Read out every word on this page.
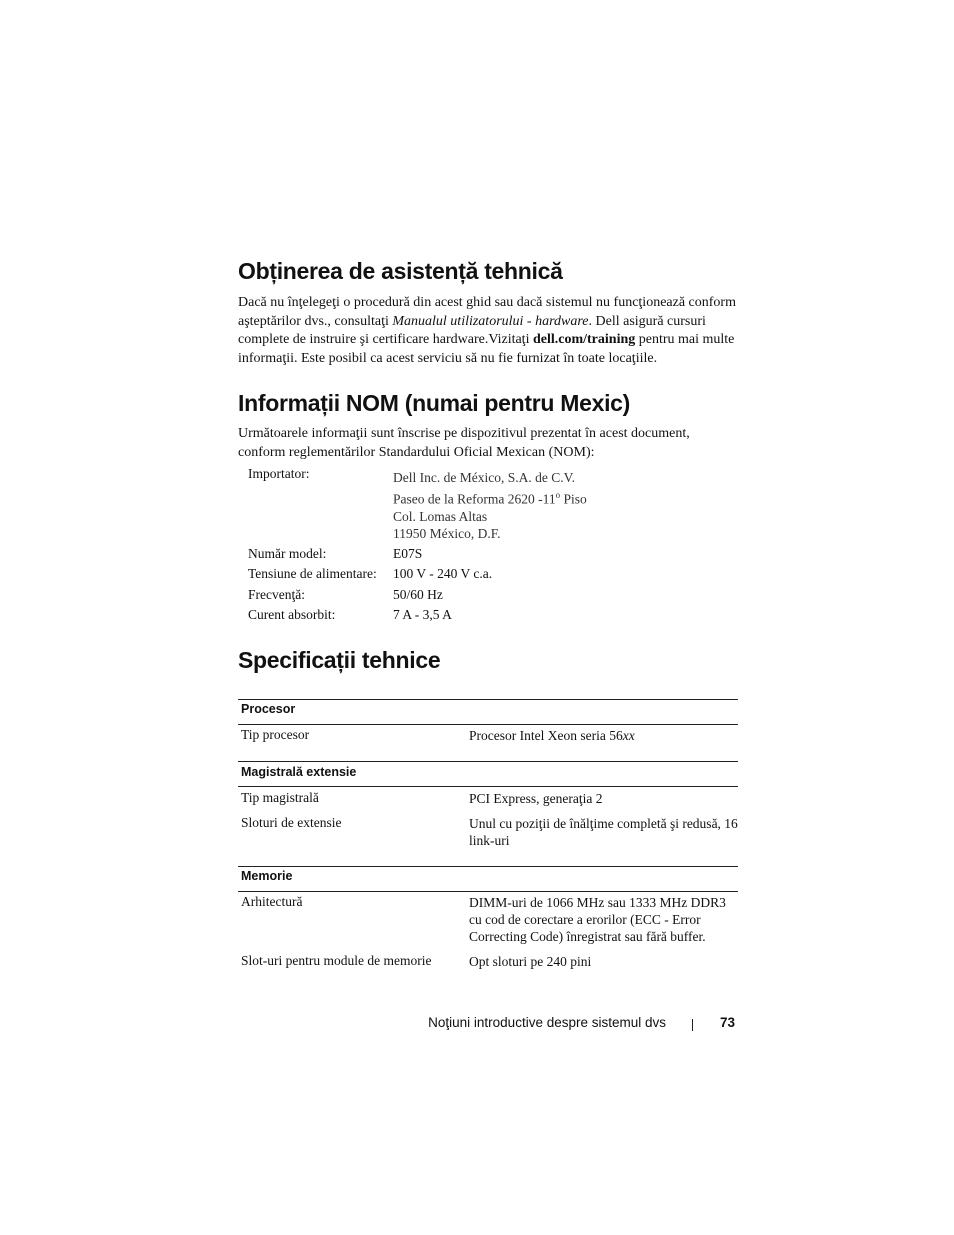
Obținerea de asistență tehnică

Dacă nu înţelegeţi o procedură din acest ghid sau dacă sistemul nu funcţionează conform aşteptărilor dvs., consultaţi Manualul utilizatorului - hardware. Dell asigură cursuri complete de instruire şi certificare hardware.Vizitaţi dell.com/training pentru mai multe informaţii. Este posibil ca acest serviciu să nu fie furnizat în toate locaţiile.

Informații NOM (numai pentru Mexic)

Următoarele informaţii sunt înscrise pe dispozitivul prezentat în acest document, conform reglementărilor Standardului Oficial Mexican (NOM):

Importator:	Dell Inc. de México, S.A. de C.V.
Paseo de la Reforma 2620 -11$^o$ Piso
Col. Lomas Altas
11950 México, D.F.
Număr model:	E07S
Tensiune de alimentare: 100 V - 240 V c.a.
Frecvenţă:	50/60 Hz
Curent absorbit:	7 A - 3,5 A
Specificații tehnice
Procesor
Tip procesor	Procesor Intel Xeon seria 56xx
Magistrală extensie
Tip magistrală	PCI Express, generaţia 2
Sloturi de extensie	Unul cu poziţii de înălţime completă şi redusă, 16 link-uri
Memorie
Arhitectură	DIMM-uri de 1066 MHz sau 1333 MHz DDR3 cu cod de corectare a erorilor (ECC - Error Correcting Code) înregistrat sau fără buffer.
Slot-uri pentru module de memorie	Opt sloturi pe 240 pini
Noţiuni introductive despre sistemul dvs	73
